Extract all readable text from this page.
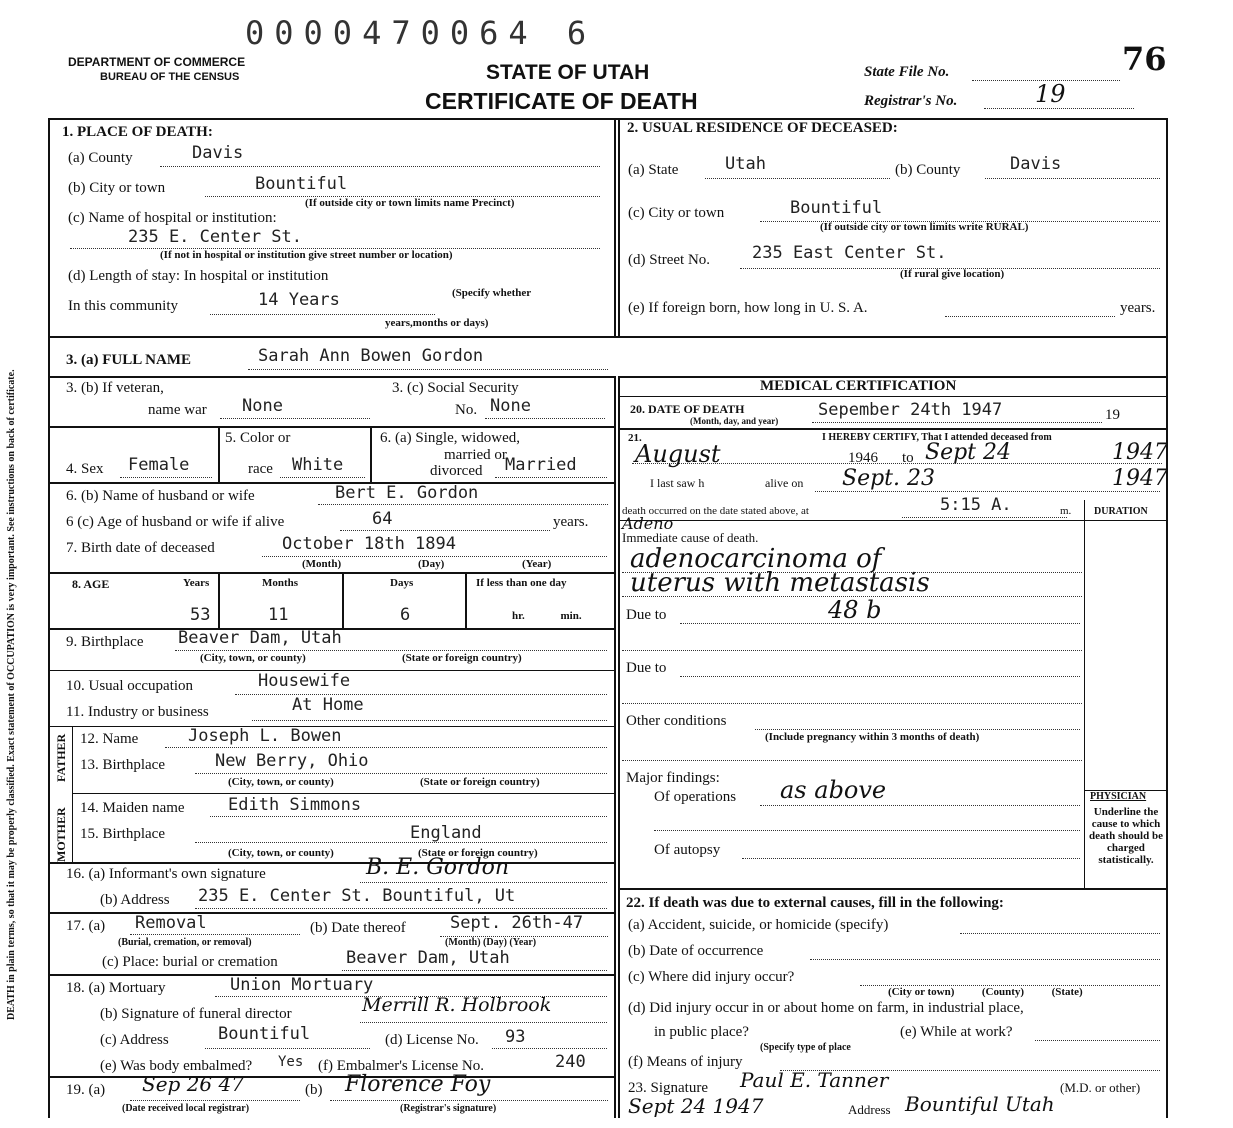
DEATH in plain terms, so that it may be properly classified. Exact statement of OCCUPATION is very important. See instructions on back of certificate.
0000470064 6
DEPARTMENT OF COMMERCE
BUREAU OF THE CENSUS	STATE OF UTAH
CERTIFICATE OF DEATH
State File No.	76
Registrar's No.	19
1. PLACE OF DEATH:
(a) County	Davis
(b) City or town	Bountiful
(If outside city or town limits name Precinct)
(c) Name of hospital or institution:
235 E. Center St.
(If not in hospital or institution give street number or location)
(d) Length of stay: In hospital or institution
In this community	14 Years	(Specify whether
years,months or days)
2. USUAL RESIDENCE OF DECEASED:
(a) State	Utah	(b) County	Davis
(c) City or town	Bountiful
(If outside city or town limits write RURAL)
(d) Street No. 235 East Center St.
(If rural give location)
(e) If foreign born, how long in U. S. A.	years.
3. (a) FULL NAME	Sarah Ann Bowen Gordon
3. (b) If veteran,
name war None
3. (c) Social Security
No. None
4. Sex Female
5. Color or
race White
6. (a) Single, widowed,
married or
divorced Married
6. (b) Name of husband or wife	Bert E. Gordon
6 (c) Age of husband or wife if alive	64	years.
7. Birth date of deceased	October 18th 1894
(Month)	(Day)	(Year)
8. AGE	Years	Months	Days	If less than one day
53	11	6	hr.             min.
9. Birthplace Beaver Dam, Utah
(City, town, or county)	(State or foreign country)
10. Usual occupation	Housewife
11. Industry or business	At Home
FATHER
MOTHER
12. Name	Joseph L. Bowen
13. Birthplace	New Berry, Ohio
(City, town, or county)	(State or foreign country)
14. Maiden name	Edith Simmons
15. Birthplace	England
(City, town, or county)	(State or foreign country)
16. (a) Informant's own signature	B. E. Gordon
(b) Address 235 E. Center St. Bountiful, Ut
17. (a) Removal
(Burial, cremation, or removal)
(b) Date thereof	Sept. 26th-47
(Month) (Day) (Year)
(c) Place: burial or cremation	Beaver Dam, Utah
18. (a) Mortuary	Union Mortuary
(b) Signature of funeral director	Merrill R. Holbrook
(c) Address	Bountiful	(d) License No. 93
(e) Was body embalmed? Yes (f) Embalmer's License No.	240
19. (a) Sep 26 47
(Date received local registrar)
(b) Florence Foy
(Registrar's signature)
MEDICAL CERTIFICATION
20. DATE OF DEATH
(Month, day, and year)
Sepember 24th 1947	19
21.	I HEREBY CERTIFY, That I attended deceased from
August	1946 to Sept 24	1947
I last saw h	alive on Sept. 23	1947
death occurred on the date stated above, at	5:15 A.	m. DURATION
Adeno
Immediate cause of death.
adenocarcinoma of
uterus with metastasis
Due to	48 b
Due to
Other conditions
(Include pregnancy within 3 months of death)
Major findings:
Of operations as above
Of autopsy
PHYSICIAN
Underline the cause to which death should be charged statistically.
22. If death was due to external causes, fill in the following:
(a) Accident, suicide, or homicide (specify)
(b) Date of occurrence
(c) Where did injury occur?
(City or town)          (County)          (State)
(d) Did injury occur in or about home on farm, in industrial place,
in public place?
(Specify type of place
(e) While at work?
(f) Means of injury
23. Signature Paul E. Tanner	(M.D. or other)
Sept 24 1947	Address Bountiful Utah
